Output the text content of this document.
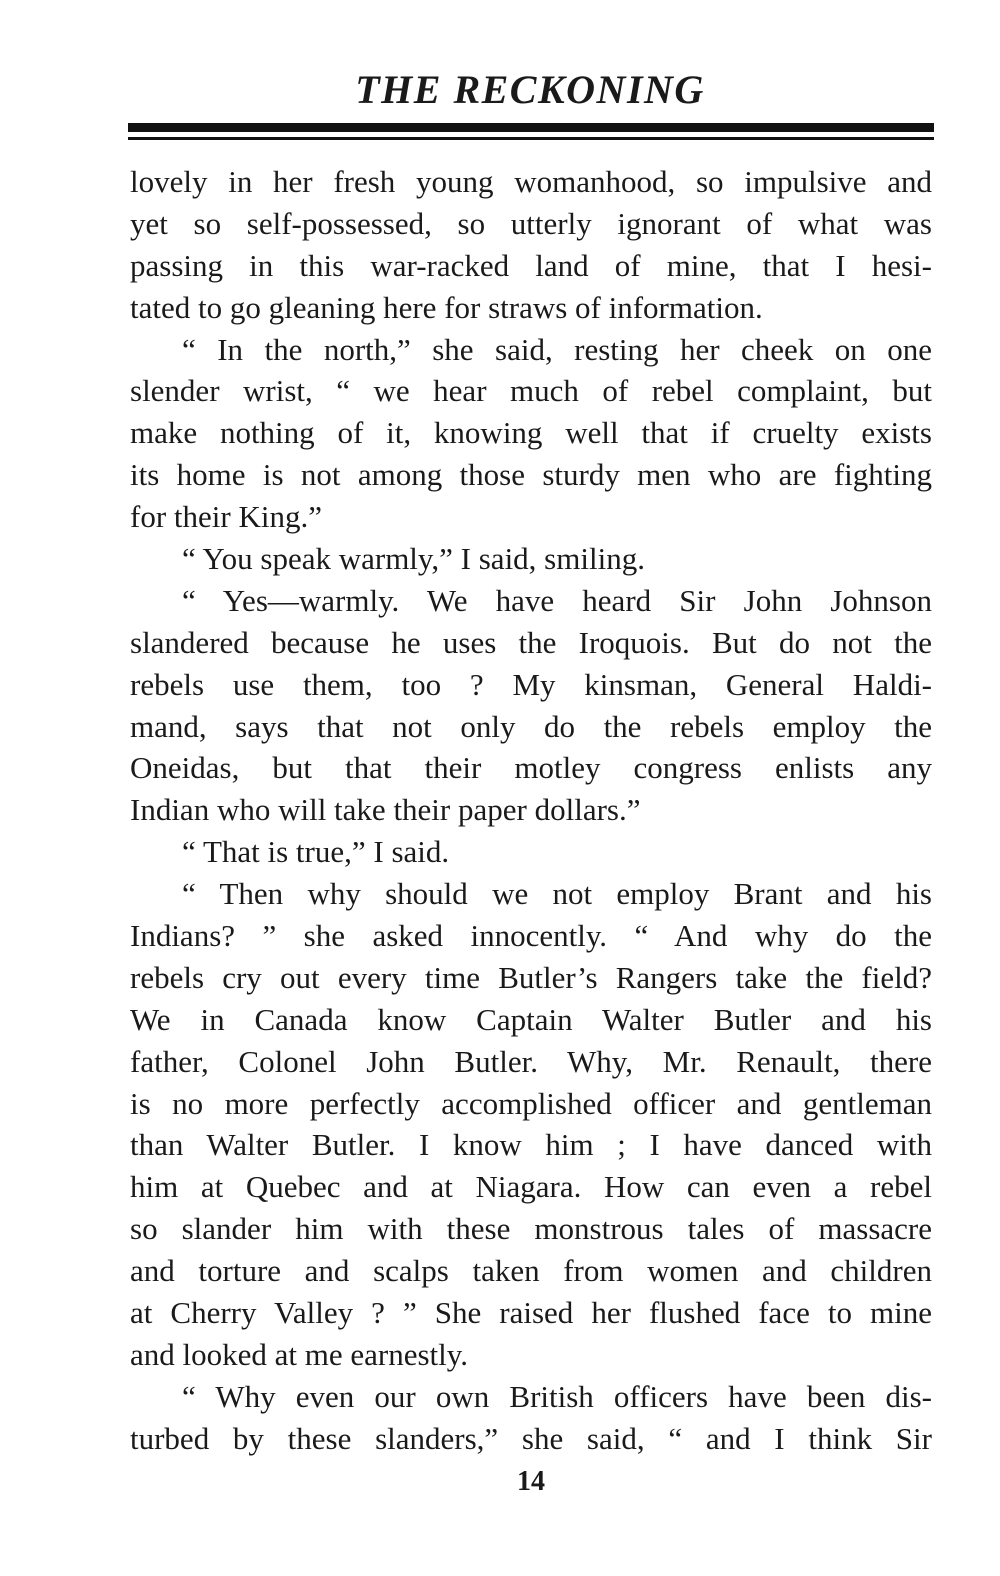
THE RECKONING
lovely in her fresh young womanhood, so impulsive and
yet so self-possessed, so utterly ignorant of what was
passing in this war-racked land of mine, that I hesi-
tated to go gleaning here for straws of information.
“ In the north,” she said, resting her cheek on one
slender wrist, “ we hear much of rebel complaint, but
make nothing of it, knowing well that if cruelty exists
its home is not among those sturdy men who are fighting
for their King.”
“ You speak warmly,” I said, smiling.
“ Yes—warmly. We have heard Sir John Johnson
slandered because he uses the Iroquois. But do not the
rebels use them, too ? My kinsman, General Haldi-
mand, says that not only do the rebels employ the
Oneidas, but that their motley congress enlists any
Indian who will take their paper dollars.”
“ That is true,” I said.
“ Then why should we not employ Brant and his
Indians? ” she asked innocently. “ And why do the
rebels cry out every time Butler’s Rangers take the field?
We in Canada know Captain Walter Butler and his
father, Colonel John Butler. Why, Mr. Renault, there
is no more perfectly accomplished officer and gentleman
than Walter Butler. I know him ; I have danced with
him at Quebec and at Niagara. How can even a rebel
so slander him with these monstrous tales of massacre
and torture and scalps taken from women and children
at Cherry Valley ? ” She raised her flushed face to mine
and looked at me earnestly.
“ Why even our own British officers have been dis-
turbed by these slanders,” she said, “ and I think Sir
14
